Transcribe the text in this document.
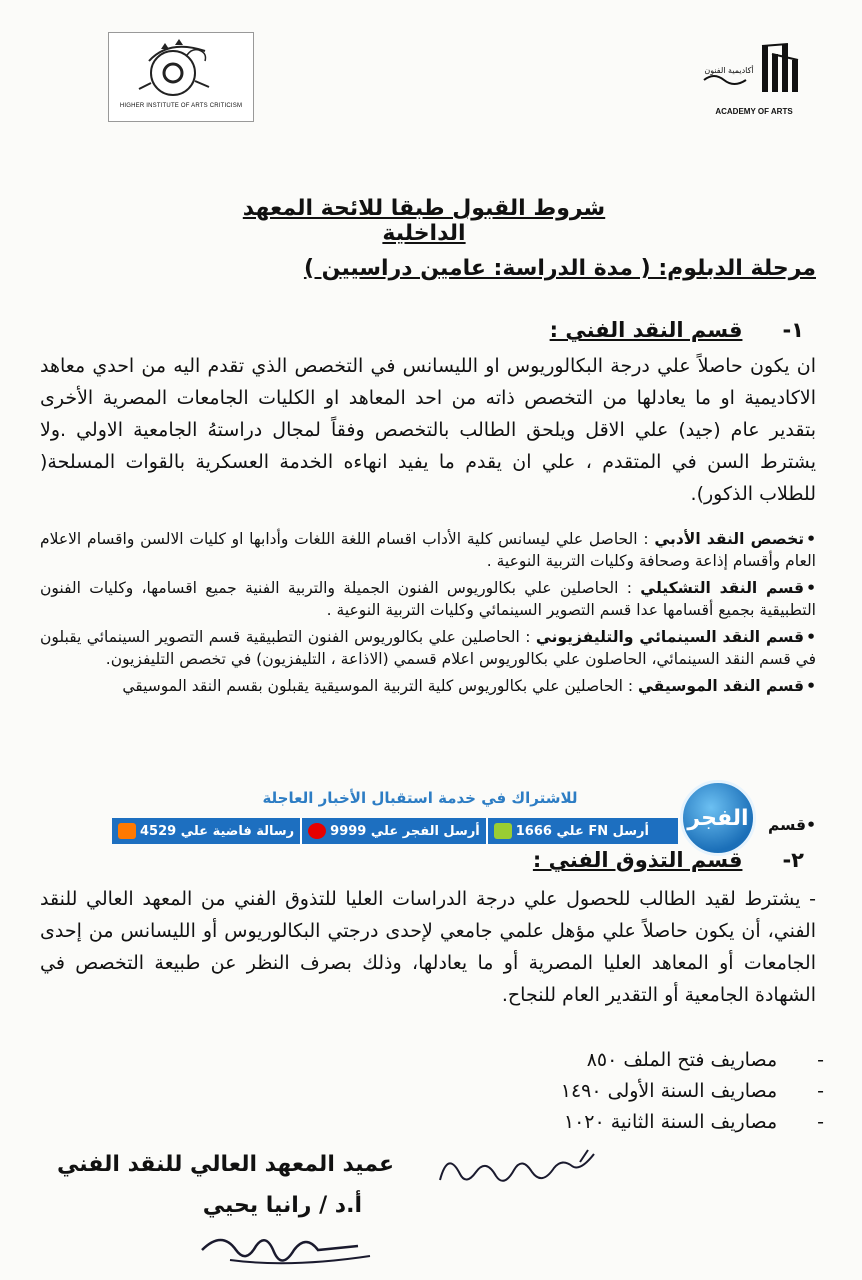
HIGHER INSTITUTE OF ARTS CRITICISM
أكاديمية الفنون
ACADEMY OF ARTS
شروط القبول طبقا للائحة المعهد الداخلية
مرحلة الدبلوم: ( مدة الدراسة: عامين دراسيين )
١-قسم النقد الفني :
ان يكون حاصلاً علي درجة البكالوريوس او الليسانس في التخصص الذي تقدم اليه من احدي معاهد الاكاديمية او ما يعادلها من التخصص ذاته من احد المعاهد او الكليات الجامعات المصرية الأخرى بتقدير عام (جيد) علي الاقل ويلحق الطالب بالتخصص وفقاً لمجال دراستهُ الجامعية الاولي .ولا يشترط السن في المتقدم ، علي ان يقدم ما يفيد انهاءه الخدمة العسكرية بالقوات المسلحة( للطلاب الذكور).
•تخصص النقد الأدبي : الحاصل علي ليسانس كلية الأداب اقسام اللغة اللغات وأدابها او كليات الالسن واقسام الاعلام العام وأقسام إذاعة وصحافة وكليات التربية النوعية .
•قسم النقد التشكيلي : الحاصلين علي بكالوريوس الفنون الجميلة والتربية الفنية جميع اقسامها، وكليات الفنون التطبيقية بجميع أقسامها عدا قسم التصوير السينمائي وكليات التربية النوعية .
•قسم النقد السينمائي والتليفزيوني : الحاصلين علي بكالوريوس الفنون التطبيقية قسم التصوير السينمائي يقبلون في قسم النقد السينمائي، الحاصلون علي بكالوريوس اعلام قسمي (الاذاعة ، التليفزيون) في تخصص التليفزيون.
•قسم النقد الموسيقي : الحاصلين علي بكالوريوس كلية التربية الموسيقية يقبلون بقسم النقد الموسيقي
•قسم
للاشتراك في خدمة استقبال الأخبار العاجلة
رسالة فاضية علي 4529	أرسل الفجر علي 9999	أرسل FN علي 1666
الفجر
٢-قسم التذوق الفني :
- يشترط لقيد الطالب للحصول علي درجة الدراسات العليا للتذوق الفني من المعهد العالي للنقد الفني، أن يكون حاصلاً علي مؤهل علمي جامعي لإحدى درجتي البكالوريوس أو الليسانس من إحدى الجامعات أو المعاهد العليا المصرية أو ما يعادلها، وذلك بصرف النظر عن طبيعة التخصص في الشهادة الجامعية أو التقدير العام للنجاح.
-
مصاريف فتح الملف ٨٥٠
-
مصاريف السنة الأولى ١٤٩٠
-
مصاريف السنة الثانية ١٠٢٠
عميد المعهد العالي للنقد الفني
أ.د / رانيا يحيي
